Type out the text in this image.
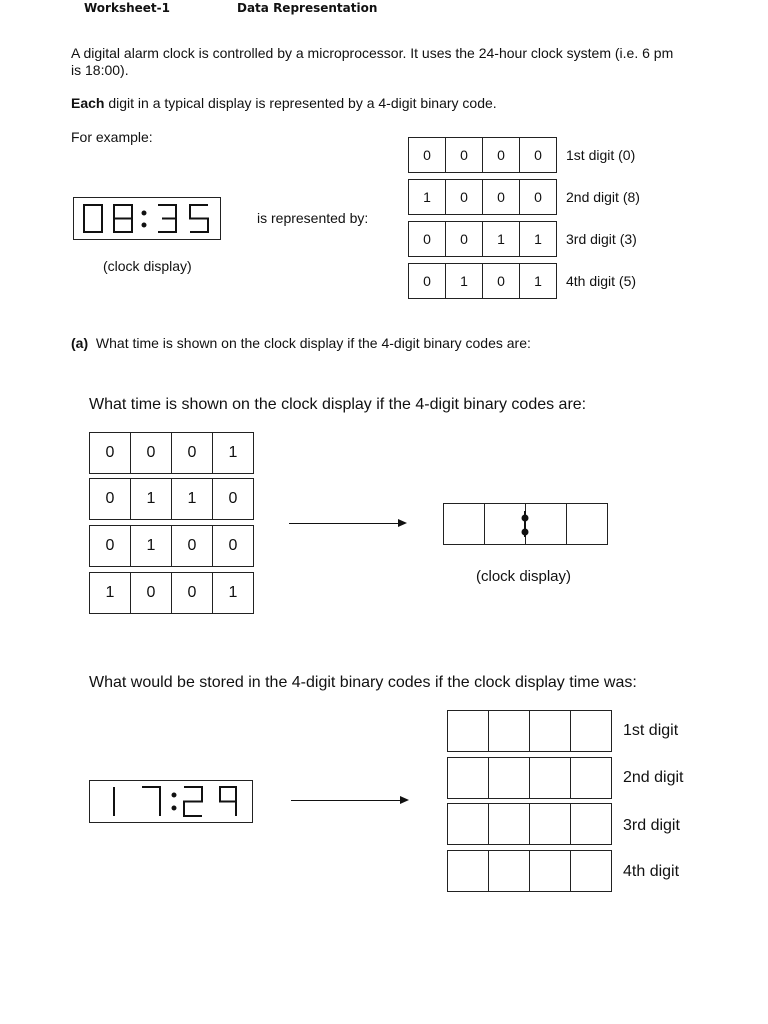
Worksheet-1	Data Representation
A digital alarm clock is controlled by a microprocessor. It uses the 24-hour clock system (i.e. 6 pm
is 18:00).
Each digit in a typical display is represented by a 4-digit binary code.
For example:
(clock display)
is represented by:
0	0	0	0	1st digit (0)
1	0	0	0	2nd digit (8)
0	0	1	1	3rd digit (3)
0	1	0	1	4th digit (5)
(a) What time is shown on the clock display if the 4-digit binary codes are:
What time is shown on the clock display if the 4-digit binary codes are:
0	0	0	1
0	1	1	0
0	1	0	0
1	0	0	1
(clock display)
What would be stored in the 4-digit binary codes if the clock display time was:
1st digit
2nd digit
3rd digit
4th digit
